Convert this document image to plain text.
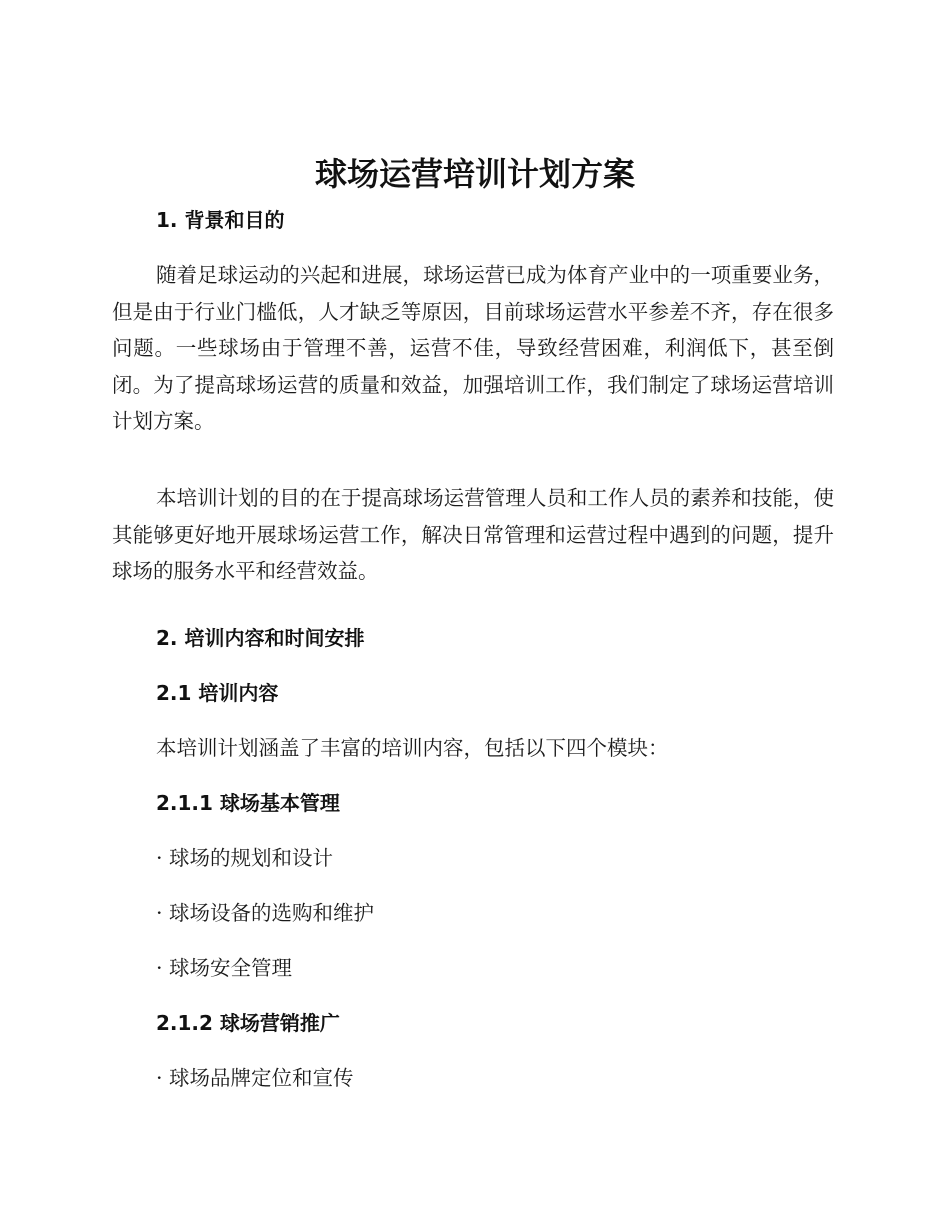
球场运营培训计划方案
1. 背景和目的

随着足球运动的兴起和进展，球场运营已成为体育产业中的一项重要业务，但是由于行业门槛低，人才缺乏等原因，目前球场运营水平参差不齐，存在很多问题。一些球场由于管理不善，运营不佳，导致经营困难，利润低下，甚至倒闭。为了提高球场运营的质量和效益，加强培训工作，我们制定了球场运营培训计划方案。

本培训计划的目的在于提高球场运营管理人员和工作人员的素养和技能，使其能够更好地开展球场运营工作，解决日常管理和运营过程中遇到的问题，提升球场的服务水平和经营效益。

2. 培训内容和时间安排
2.1 培训内容
本培训计划涵盖了丰富的培训内容，包括以下四个模块：
2.1.1 球场基本管理
· 球场的规划和设计
· 球场设备的选购和维护
· 球场安全管理
2.1.2 球场营销推广
· 球场品牌定位和宣传
